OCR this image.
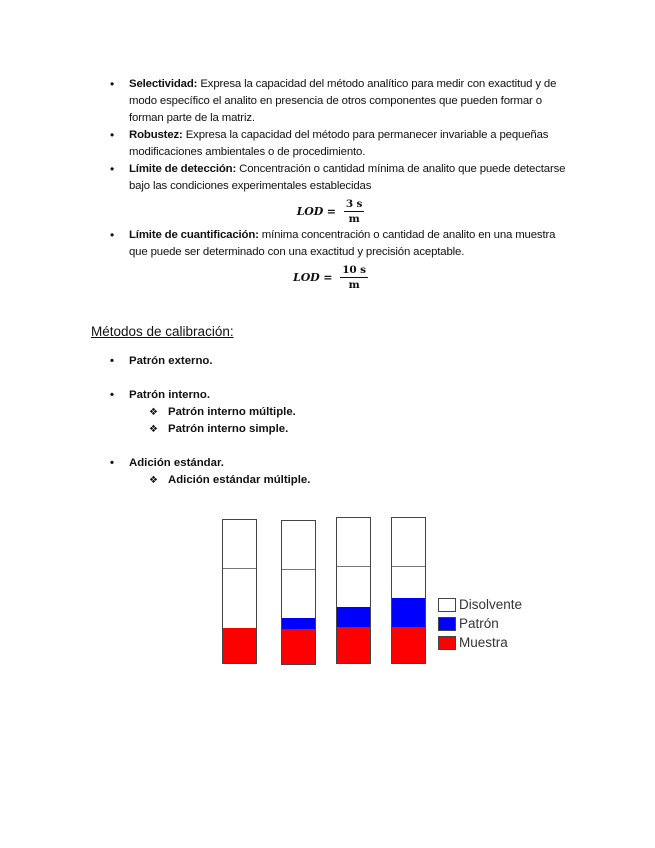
• Selectividad: Expresa la capacidad del método analítico para medir con exactitud y de modo específico el analito en presencia de otros componentes que pueden formar o forman parte de la matriz.
• Robustez: Expresa la capacidad del método para permanecer invariable a pequeñas modificaciones ambientales o de procedimiento.
• Límite de detección: Concentración o cantidad mínima de analito que puede detectarse bajo las condiciones experimentales establecidas
LOD = $\frac{3 s}{m}$
• Límite de cuantificación: mínima concentración o cantidad de analito en una muestra que puede ser determinado con una exactitud y precisión aceptable.
LOD = $\frac{10 s}{m}$
Métodos de calibración:
• Patrón externo.
• Patrón interno.
❖ Patrón interno múltiple.
❖ Patrón interno simple.
• Adición estándar.
❖ Adición estándar múltiple.
Disolvente
Patrón
Muestra
